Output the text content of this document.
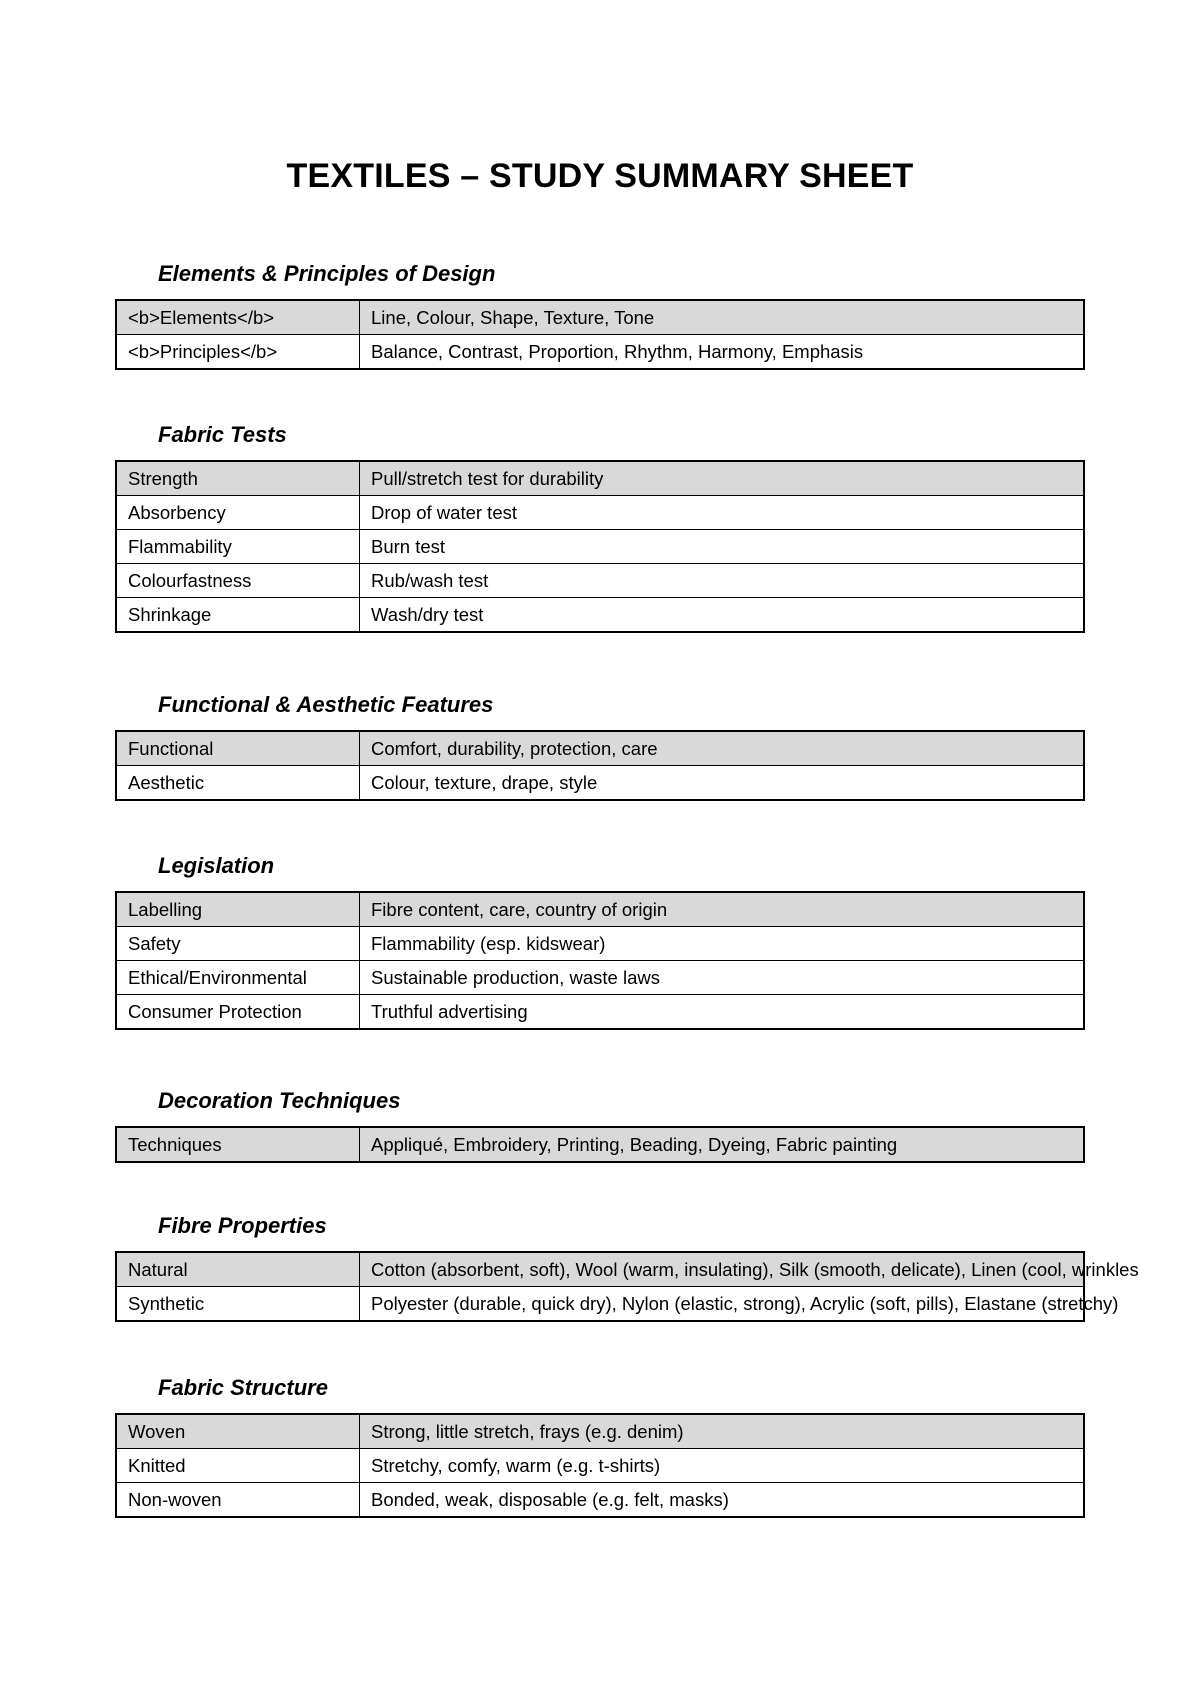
TEXTILES – STUDY SUMMARY SHEET
Elements & Principles of Design
<b>Elements</b>	Line, Colour, Shape, Texture, Tone
<b>Principles</b>	Balance, Contrast, Proportion, Rhythm, Harmony, Emphasis
Fabric Tests
Strength	Pull/stretch test for durability
Absorbency	Drop of water test
Flammability	Burn test
Colourfastness	Rub/wash test
Shrinkage	Wash/dry test
Functional & Aesthetic Features
Functional	Comfort, durability, protection, care
Aesthetic	Colour, texture, drape, style
Legislation
Labelling	Fibre content, care, country of origin
Safety	Flammability (esp. kidswear)
Ethical/Environmental	Sustainable production, waste laws
Consumer Protection	Truthful advertising
Decoration Techniques
Techniques	Appliqué, Embroidery, Printing, Beading, Dyeing, Fabric painting
Fibre Properties
Natural	Cotton (absorbent, soft), Wool (warm, insulating), Silk (smooth, delicate), Linen (cool, wrinkles
Synthetic	Polyester (durable, quick dry), Nylon (elastic, strong), Acrylic (soft, pills), Elastane (stretchy)
Fabric Structure
Woven	Strong, little stretch, frays (e.g. denim)
Knitted	Stretchy, comfy, warm (e.g. t-shirts)
Non-woven	Bonded, weak, disposable (e.g. felt, masks)
